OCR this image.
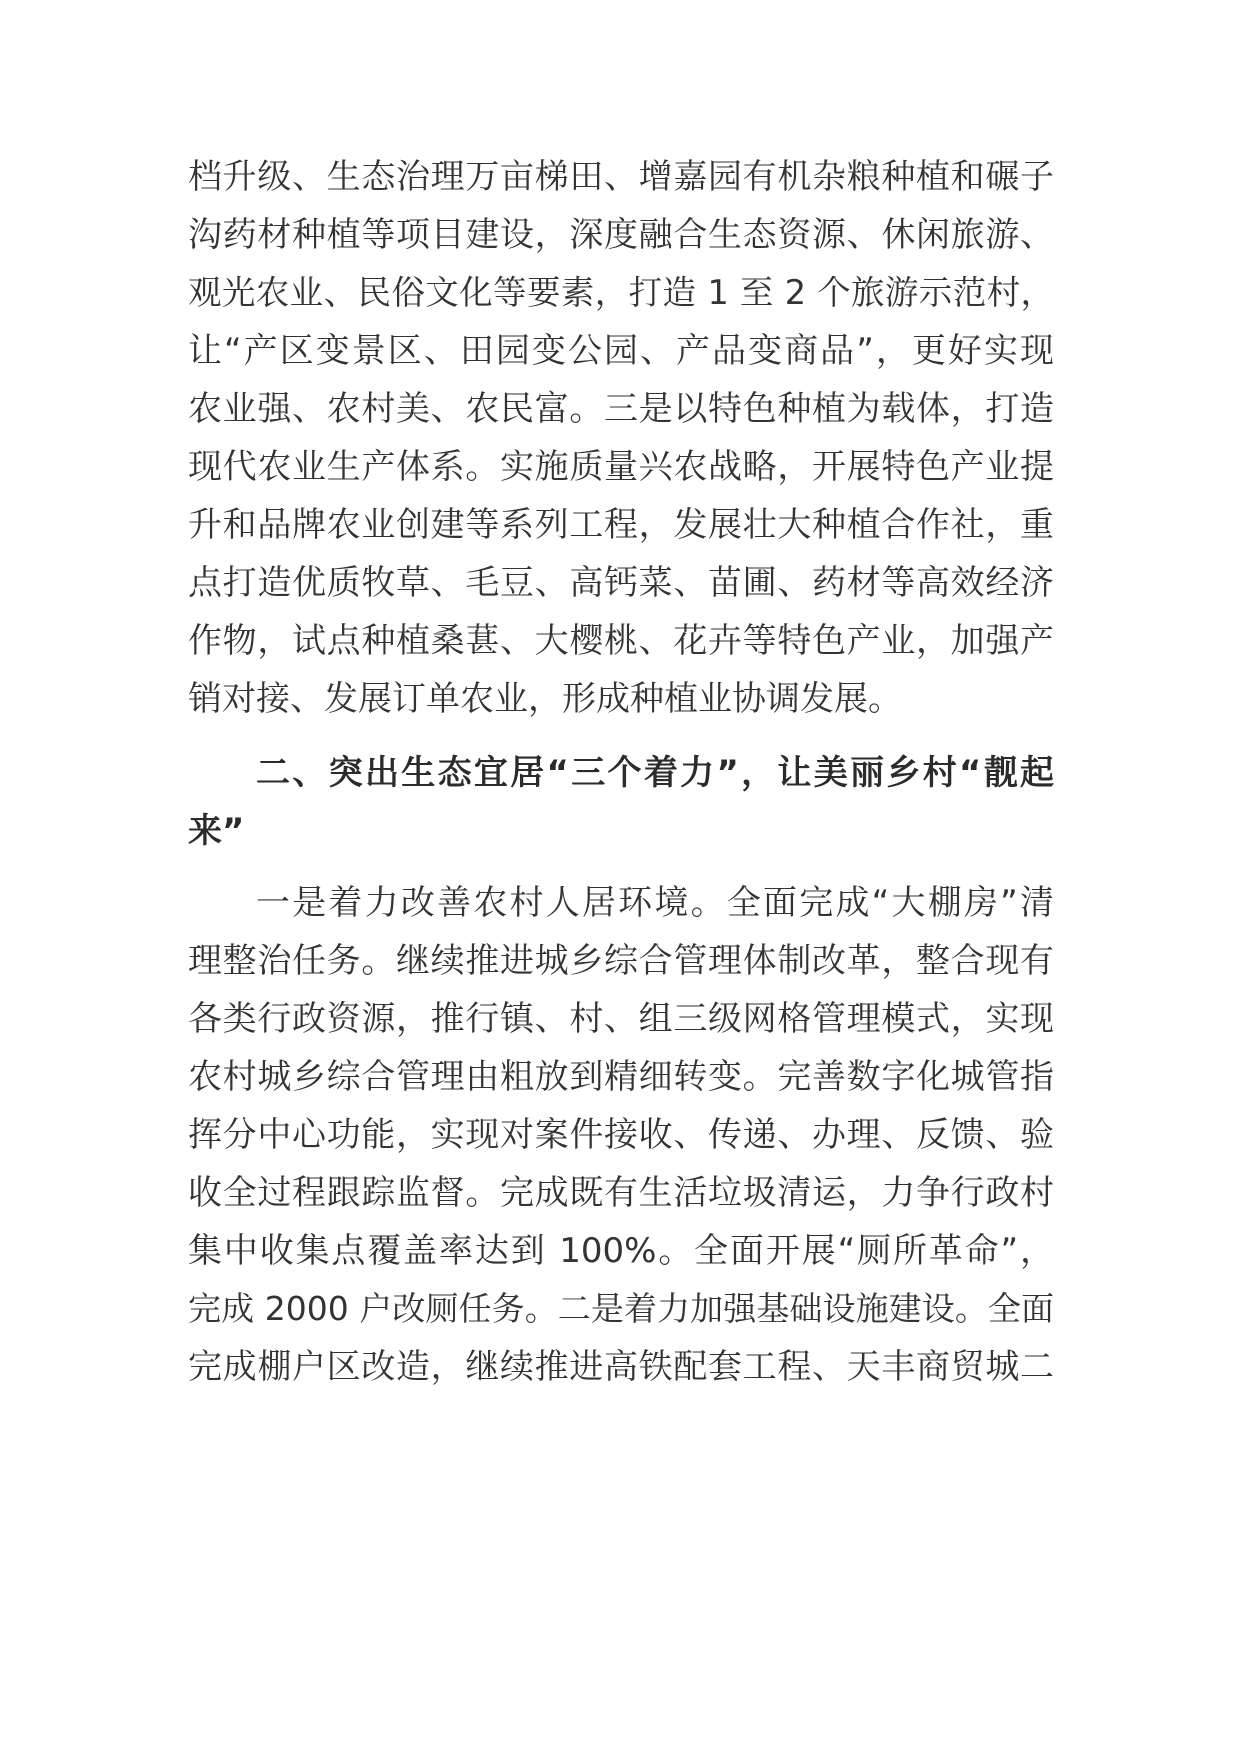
档升级、生态治理万亩梯田、增嘉园有机杂粮种植和碾子
沟药材种植等项目建设，深度融合生态资源、休闲旅游、
观光农业、民俗文化等要素，打造 1 至 2 个旅游示范村，
让“产区变景区、田园变公园、产品变商品”，更好实现
农业强、农村美、农民富。三是以特色种植为载体，打造
现代农业生产体系。实施质量兴农战略，开展特色产业提
升和品牌农业创建等系列工程，发展壮大种植合作社，重
点打造优质牧草、毛豆、高钙菜、苗圃、药材等高效经济
作物，试点种植桑葚、大樱桃、花卉等特色产业，加强产
销对接、发展订单农业，形成种植业协调发展。
二、突出生态宜居“三个着力”，让美丽乡村“靓起
来”
一是着力改善农村人居环境。全面完成“大棚房”清
理整治任务。继续推进城乡综合管理体制改革，整合现有
各类行政资源，推行镇、村、组三级网格管理模式，实现
农村城乡综合管理由粗放到精细转变。完善数字化城管指
挥分中心功能，实现对案件接收、传递、办理、反馈、验
收全过程跟踪监督。完成既有生活垃圾清运，力争行政村
集中收集点覆盖率达到 100%。全面开展“厕所革命”，
完成 2000 户改厕任务。二是着力加强基础设施建设。全面
完成棚户区改造，继续推进高铁配套工程、天丰商贸城二
